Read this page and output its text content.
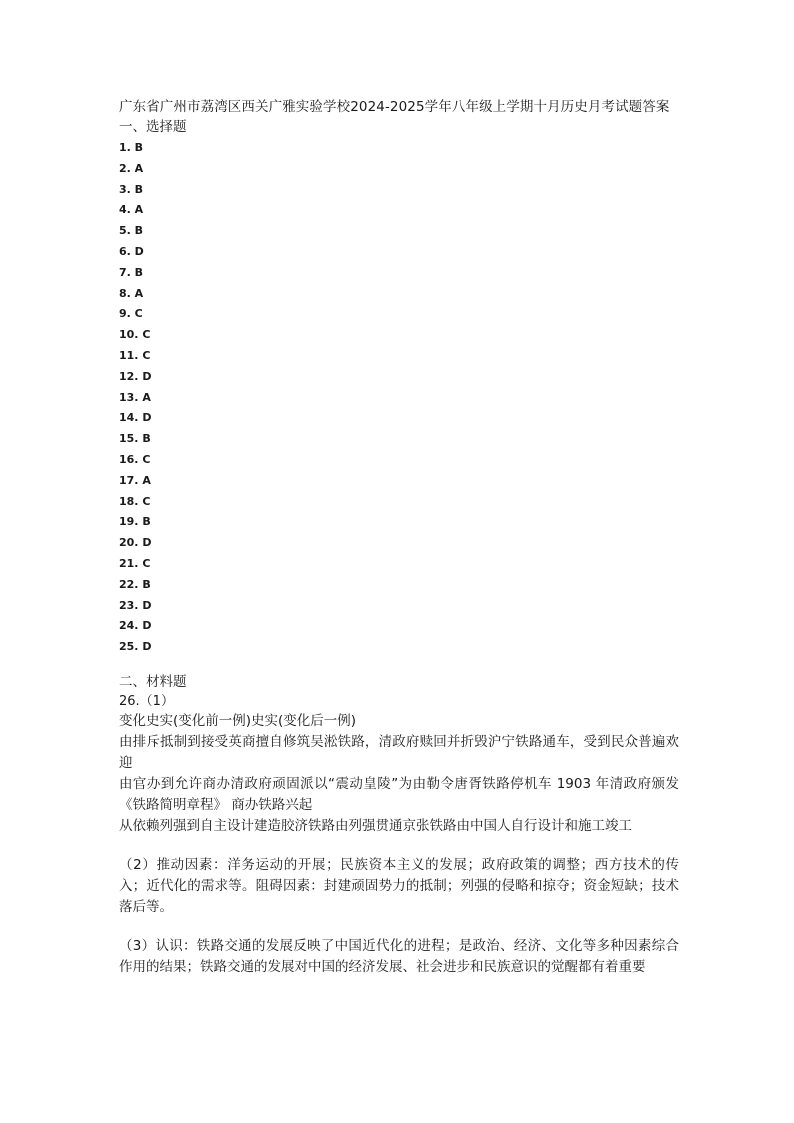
广东省广州市荔湾区西关广雅实验学校2024-2025学年八年级上学期十月历史月考试题答案

一、选择题

1. B
2. A
3. B
4. A
5. B
6. D
7. B
8. A
9. C
10. C
11. C
12. D
13. A
14. D
15. B
16. C
17. A
18. C
19. B
20. D
21. C
22. B
23. D
24. D
25. D

二、材料题

26.（1）

变化史实(变化前一例)史实(变化后一例)

由排斥抵制到接受英商擅自修筑吴淞铁路，清政府赎回并折毁沪宁铁路通车，受到民众普遍欢迎

由官办到允许商办清政府顽固派以“震动皇陵”为由勒令唐胥铁路停机车 1903 年清政府颁发《铁路简明章程》 商办铁路兴起

从依赖列强到自主设计建造胶济铁路由列强贯通京张铁路由中国人自行设计和施工竣工

（2）推动因素：洋务运动的开展；民族资本主义的发展；政府政策的调整；西方技术的传入；近代化的需求等。阻碍因素：封建顽固势力的抵制；列强的侵略和掠夺；资金短缺；技术落后等。

（3）认识：铁路交通的发展反映了中国近代化的进程；是政治、经济、文化等多种因素综合作用的结果；铁路交通的发展对中国的经济发展、社会进步和民族意识的觉醒都有着重要
